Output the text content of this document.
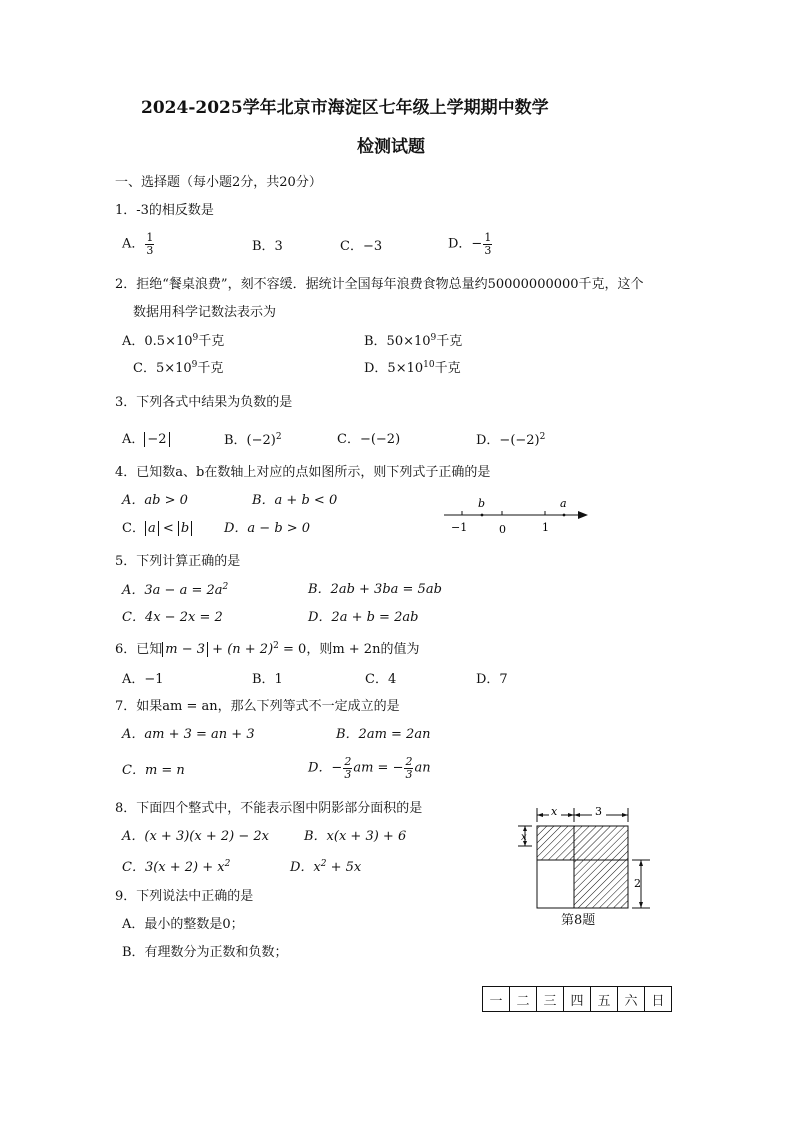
2024-2025学年北京市海淀区七年级上学期期中数学
检测试题
一、选择题（每小题2分，共20分）
1．-3的相反数是
A． $\frac{1}{3}$	B．3	C．−3	D．− $\frac{1}{3}$
2．拒绝“餐桌浪费”，刻不容缓．据统计全国每年浪费食物总量约50000000000千克，这个
数据用科学记数法表示为
A．$0.5\times 10^9$千克	B．$50\times 10^9$千克
C．$5\times 10^9$千克	D．$5\times 10^{10}$千克
3．下列各式中结果为负数的是
A． −2	B．$(-2)^2$	C．−(−2)	D．$-(-2)^2$
4．已知数a、b在数轴上对应的点如图所示，则下列式子正确的是
A．ab > 0	B．a + b < 0
C． a < b	D．a − b > 0
b	a
−1	0	1
5．下列计算正确的是
A．$3a - a = 2a^2$	B．2ab + 3ba = 5ab
C．4x − 2x = 2	D．2a + b = 2ab
6．已知 $m - 3 + (n + 2)^2 = 0$，则m + 2n的值为
A．−1	B．1	C．4	D．7
7．如果am = an，那么下列等式不一定成立的是
A．am + 3 = an + 3	B．2am = 2an
C．m = n	D．− $\frac{2}{3}$ am = − $\frac{2}{3}$ an
8．下面四个整式中，不能表示图中阴影部分面积的是
A．(x + 3)(x + 2) − 2x	B．x(x + 3) + 6
C．$3(x + 2) + x^2$	D．$x^2 + 5x$
x	3
x
2
第8题
9．下列说法中正确的是
A．最小的整数是0；
B．有理数分为正数和负数；
一	二	三	四	五	六	日
